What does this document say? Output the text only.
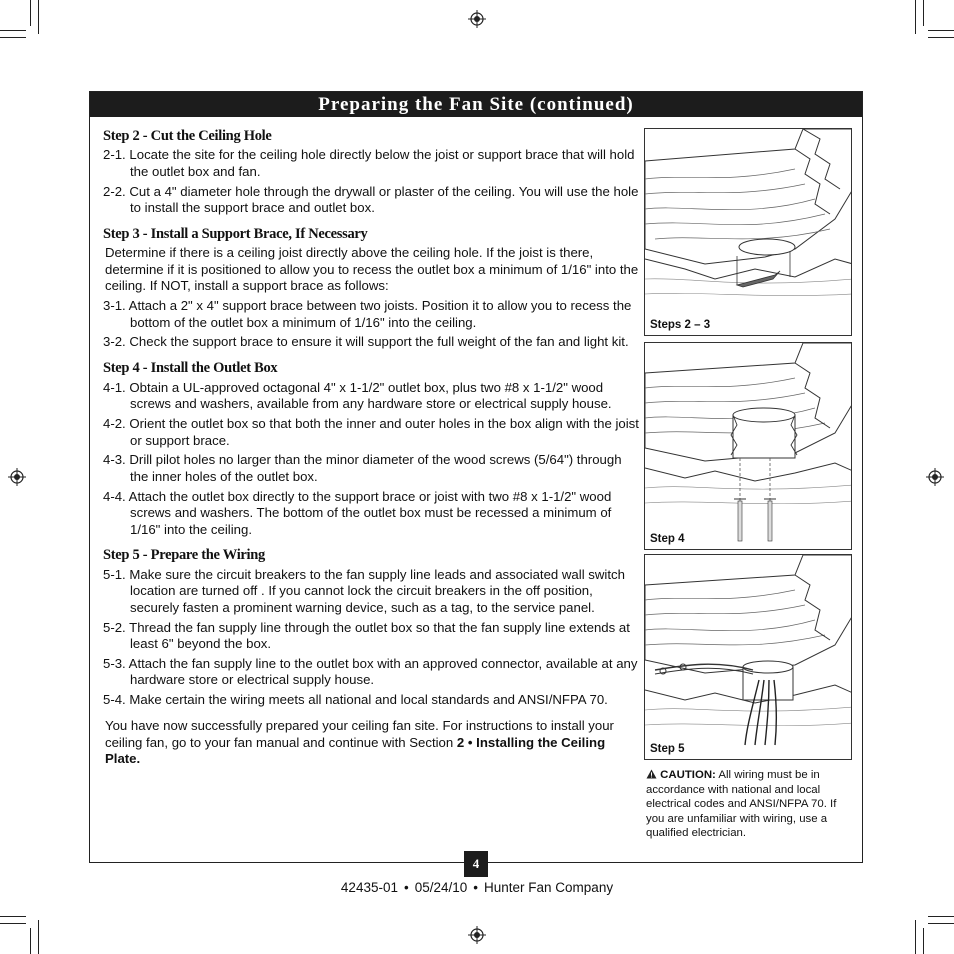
Preparing the Fan Site (continued)
Step 2 - Cut the Ceiling Hole
2-1. Locate the site for the ceiling hole directly below the joist or support brace that will hold the outlet box and fan.
2-2. Cut a 4" diameter hole through the drywall or plaster of the ceiling. You will use the hole to install the support brace and outlet box.
Step 3 - Install a Support Brace, If Necessary
Determine if there is a ceiling joist directly above the ceiling hole. If the joist is there, determine if it is positioned to allow you to recess the outlet box a minimum of 1/16" into the ceiling. If NOT, install a support brace as follows:
3-1. Attach a 2" x 4" support brace between two joists. Position it to allow you to recess the bottom of the outlet box a minimum of 1/16" into the ceiling.
3-2. Check the support brace to ensure it will support the full weight of the fan and light kit.
Step 4 - Install the Outlet Box
4-1. Obtain a UL-approved octagonal 4" x 1-1/2" outlet box, plus two #8 x 1-1/2" wood screws and washers, available from any hardware store or electrical supply house.
4-2. Orient the outlet box so that both the inner and outer holes in the box align with the joist or support brace.
4-3. Drill pilot holes no larger than the minor diameter of the wood screws (5/64") through the inner holes of the outlet box.
4-4. Attach the outlet box directly to the support brace or joist with two #8 x 1-1/2" wood screws and washers. The bottom of the outlet box must be recessed a minimum of 1/16" into the ceiling.
Step 5 - Prepare the Wiring
5-1. Make sure the circuit breakers to the fan supply line leads and associated wall switch location are turned off . If you cannot lock the circuit breakers in the off position, securely fasten a prominent warning device, such as a tag, to the service panel.
5-2. Thread the fan supply line through the outlet box so that the fan supply line extends at least 6" beyond the box.
5-3. Attach the fan supply line to the outlet box with an approved connector, available at any hardware store or electrical supply house.
5-4. Make certain the wiring meets all national and local standards and ANSI/NFPA 70.
You have now successfully prepared your ceiling fan site. For instructions to install your ceiling fan, go to your fan manual and continue with Section 2 • Installing the Ceiling Plate.
Steps 2 – 3
Step 4
Step 5
CAUTION: All wiring must be in accordance with national and local electrical codes and ANSI/NFPA 70. If you are unfamiliar with wiring, use a qualified electrician.
4
42435-01 • 05/24/10 • Hunter Fan Company
